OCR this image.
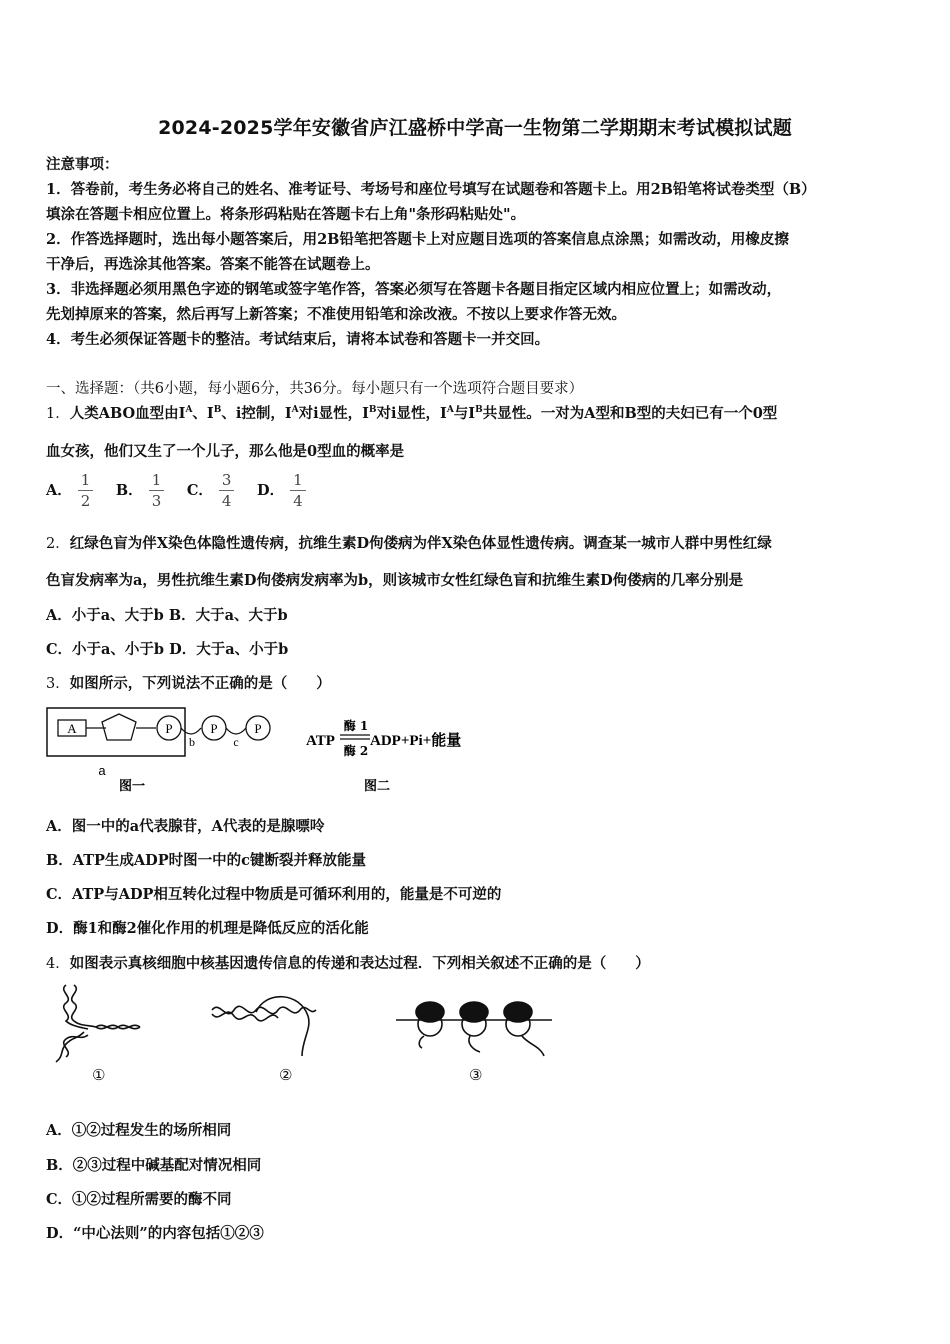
2024-2025学年安徽省庐江盛桥中学高一生物第二学期期末考试模拟试题
注意事项：
1．答卷前，考生务必将自己的姓名、准考证号、考场号和座位号填写在试题卷和答题卡上。用2B铅笔将试卷类型（B）
填涂在答题卡相应位置上。将条形码粘贴在答题卡右上角"条形码粘贴处"。
2．作答选择题时，选出每小题答案后，用2B铅笔把答题卡上对应题目选项的答案信息点涂黑；如需改动，用橡皮擦
干净后，再选涂其他答案。答案不能答在试题卷上。
3．非选择题必须用黑色字迹的钢笔或签字笔作答，答案必须写在答题卡各题目指定区域内相应位置上；如需改动，
先划掉原来的答案，然后再写上新答案；不准使用铅笔和涂改液。不按以上要求作答无效。
4．考生必须保证答题卡的整洁。考试结束后，请将本试卷和答题卡一并交回。
一、选择题：（共6小题，每小题6分，共36分。每小题只有一个选项符合题目要求）
1．人类ABO血型由$I^A$、$I^B$、i控制，$I^A$对i显性，$I^B$对i显性，$I^A$与$I^B$共显性。一对为A型和B型的夫妇已有一个0型
血女孩，他们又生了一个儿子，那么他是0型血的概率是
A． $\frac{1}{2}$ B． $\frac{1}{3}$ C． $\frac{3}{4}$ D． $\frac{1}{4}$
2．红绿色盲为伴X染色体隐性遗传病，抗维生素D佝偻病为伴X染色体显性遗传病。调查某一城市人群中男性红绿
色盲发病率为a，男性抗维生素D佝偻病发病率为b，则该城市女性红绿色盲和抗维生素D佝偻病的几率分别是
A．小于a、大于b B．大于a、大于b
C．小于a、小于b D．大于a、小于b
3．如图所示，下列说法不正确的是（　　）
A	P
b
P
c
P
a
图一
ATP
酶 1
酶 2
ADP+Pi+能量
图二
A．图一中的a代表腺苷，A代表的是腺嘌呤
B．ATP生成ADP时图一中的c键断裂并释放能量
C．ATP与ADP相互转化过程中物质是可循环利用的，能量是不可逆的
D．酶1和酶2催化作用的机理是降低反应的活化能
4．如图表示真核细胞中核基因遗传信息的传递和表达过程．下列相关叙述不正确的是（　　）
①	②	③
A．①②过程发生的场所相同
B．②③过程中碱基配对情况相同
C．①②过程所需要的酶不同
D．“中心法则”的内容包括①②③
